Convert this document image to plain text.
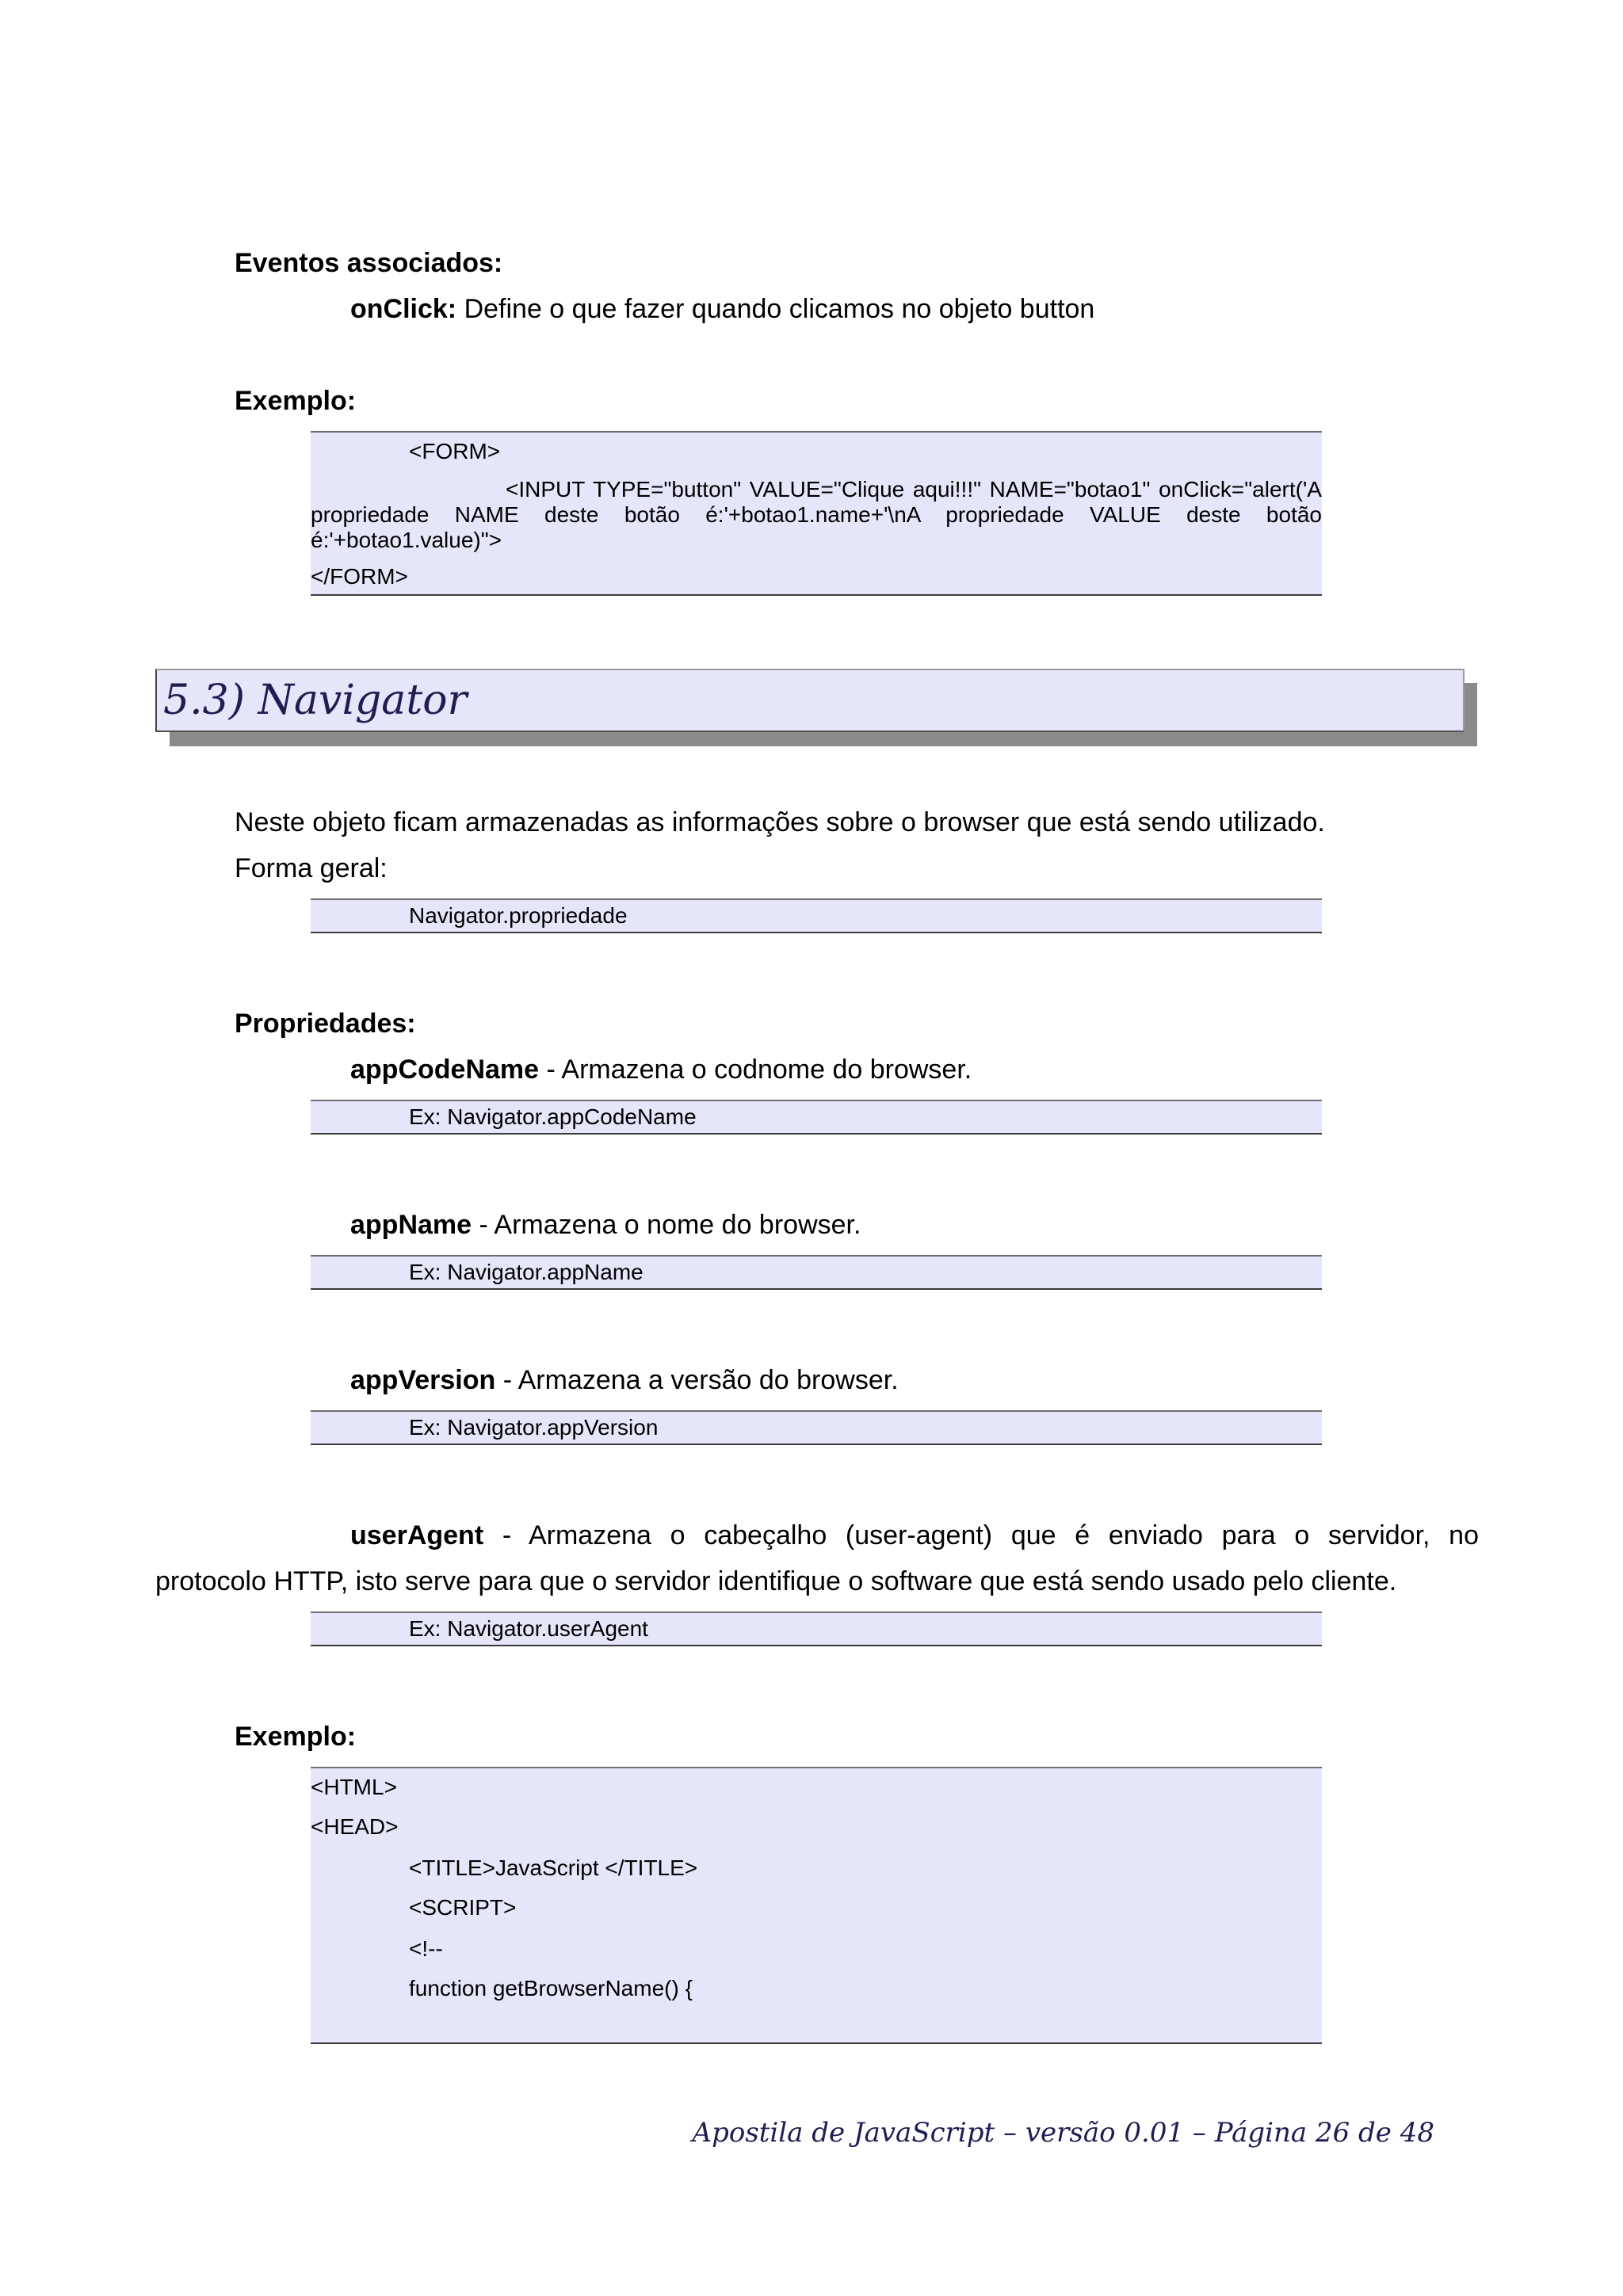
Eventos associados:
onClick: Define o que fazer quando clicamos no objeto button
Exemplo:
<FORM>
<INPUT TYPE="button" VALUE="Clique aqui!!!" NAME="botao1" onClick="alert('A propriedade NAME deste botão é:'+botao1.name+'\nA propriedade VALUE deste botão é:'+botao1.value)">
</FORM>
5.3) Navigator
Neste objeto ficam armazenadas as informações sobre o browser que está sendo utilizado.
Forma geral:
Navigator.propriedade
Propriedades:
appCodeName - Armazena o codnome do browser.
Ex: Navigator.appCodeName
appName - Armazena o nome do browser.
Ex: Navigator.appName
appVersion - Armazena a versão do browser.
Ex: Navigator.appVersion
userAgent - Armazena o cabeçalho (user-agent) que é enviado para o servidor, no
protocolo HTTP, isto serve para que o servidor identifique o software que está sendo usado pelo cliente.
Ex: Navigator.userAgent
Exemplo:
<HTML>
<HEAD>
<TITLE>JavaScript </TITLE>
<SCRIPT>
<!--
function getBrowserName() {
Apostila de JavaScript – versão 0.01 – Página 26 de 48
